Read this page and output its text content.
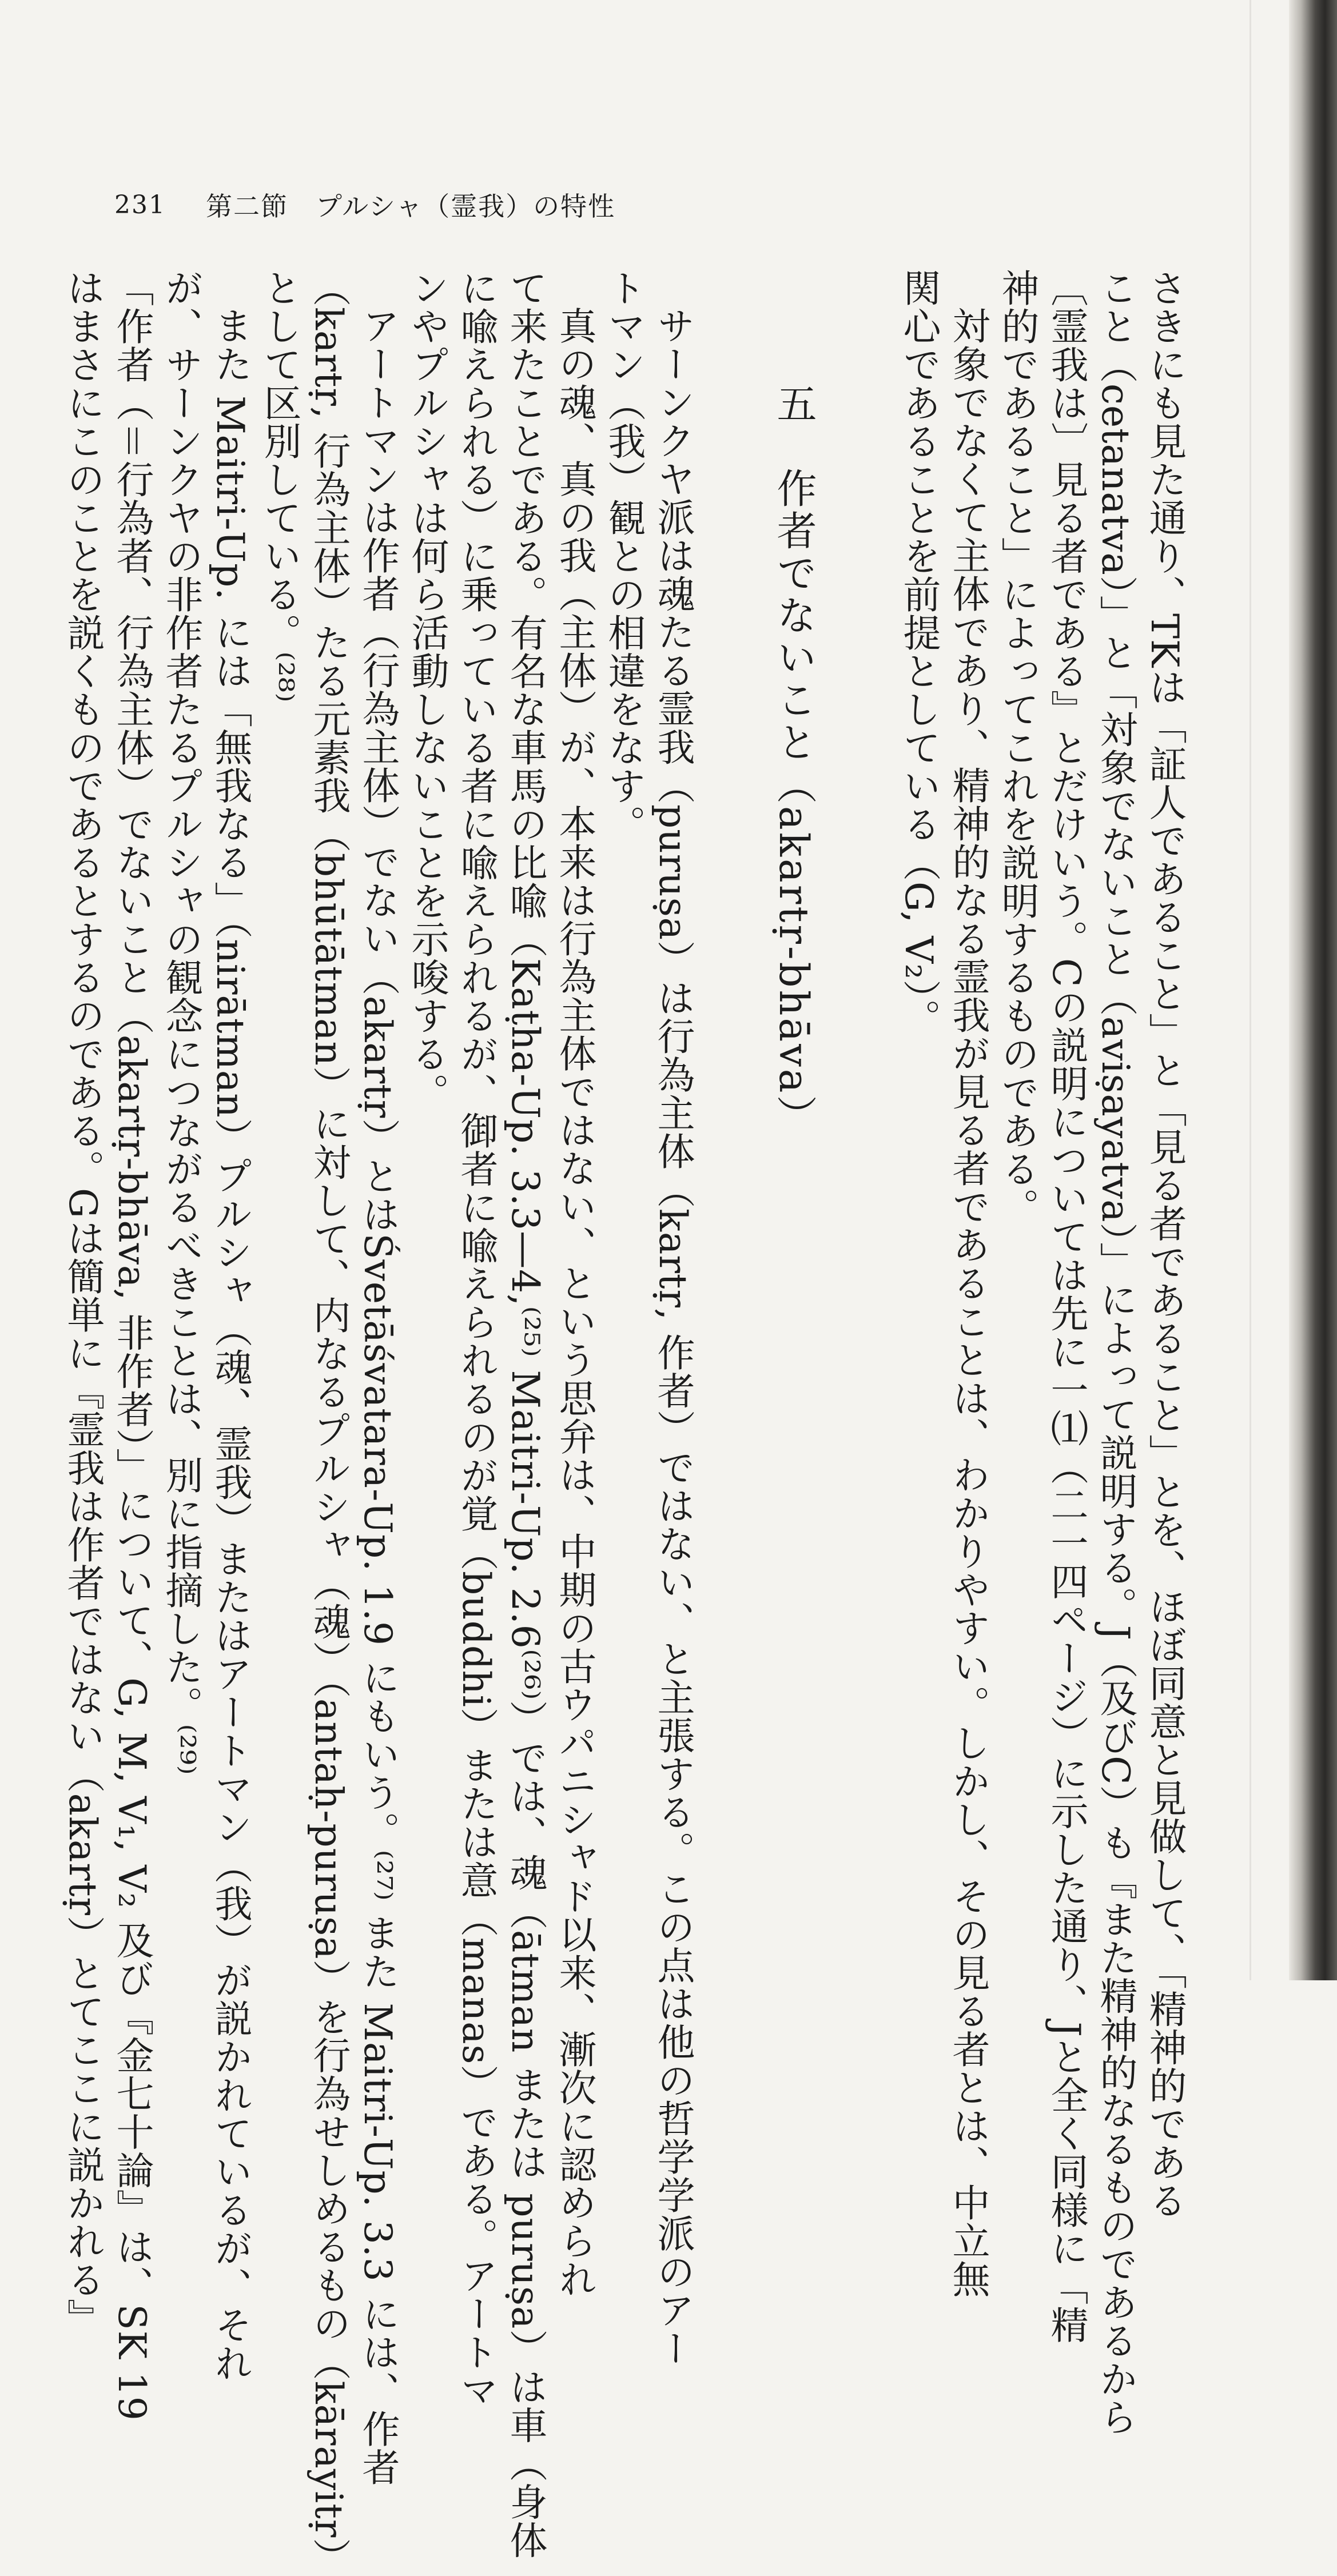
231 第二節　プルシャ（霊我）の特性
さきにも見た通り、TKは「証人であること」と「見る者であること」とを、ほぼ同意と見做して、「精神的である
こと（cetanatva）」と「対象でないこと（aviṣayatva）」によって説明する。J（及びC）も『また精神的なるものであるから
〔霊我は〕見る者である』とだけいう。Cの説明については先に一⑴（二一四ページ）に示した通り、Jと全く同様に「精
神的であること」によってこれを説明するものである。
対象でなくて主体であり、精神的なる霊我が見る者であることは、わかりやすい。しかし、その見る者とは、中立無
関心であることを前提としている（G, V₂）。
五　作者でないこと（akartṛ-bhāva）
サーンクヤ派は魂たる霊我（puruṣa）は行為主体（kartṛ, 作者）ではない、と主張する。この点は他の哲学学派のアー
トマン（我）観との相違をなす。
真の魂、真の我（主体）が、本来は行為主体ではない、という思弁は、中期の古ウパニシャド以来、漸次に認められ
て来たことである。有名な車馬の比喩（Kaṭha-Up. 3.3—4,⁽²⁵⁾ Maitri-Up. 2.6⁽²⁶⁾）では、魂（ātman または puruṣa）は車（身体
に喩えられる）に乗っている者に喩えられるが、御者に喩えられるのが覚（buddhi）または意（manas）である。アートマ
ンやプルシャは何ら活動しないことを示唆する。
アートマンは作者（行為主体）でない（akartṛ）とはŚvetāśvatara-Up. 1.9 にもいう。⁽²⁷⁾ また Maitri-Up. 3.3 には、作者
（kartṛ, 行為主体）たる元素我（bhūtātman）に対して、内なるプルシャ（魂）（antaḥ-puruṣa）を行為せしめるもの（kārayitṛ）
として区別している。⁽²⁸⁾
また Maitri-Up. には「無我なる」（nirātman）プルシャ（魂、霊我）またはアートマン（我）が説かれているが、それ
が、サーンクヤの非作者たるプルシャの観念につながるべきことは、別に指摘した。⁽²⁹⁾
「作者（＝行為者、行為主体）でないこと（akartṛ-bhāva, 非作者）」について、G, M, V₁, V₂ 及び『金七十論』は、SK 19
はまさにこのことを説くものであるとするのである。Gは簡単に『霊我は作者ではない（akartṛ）とてここに説かれる』
